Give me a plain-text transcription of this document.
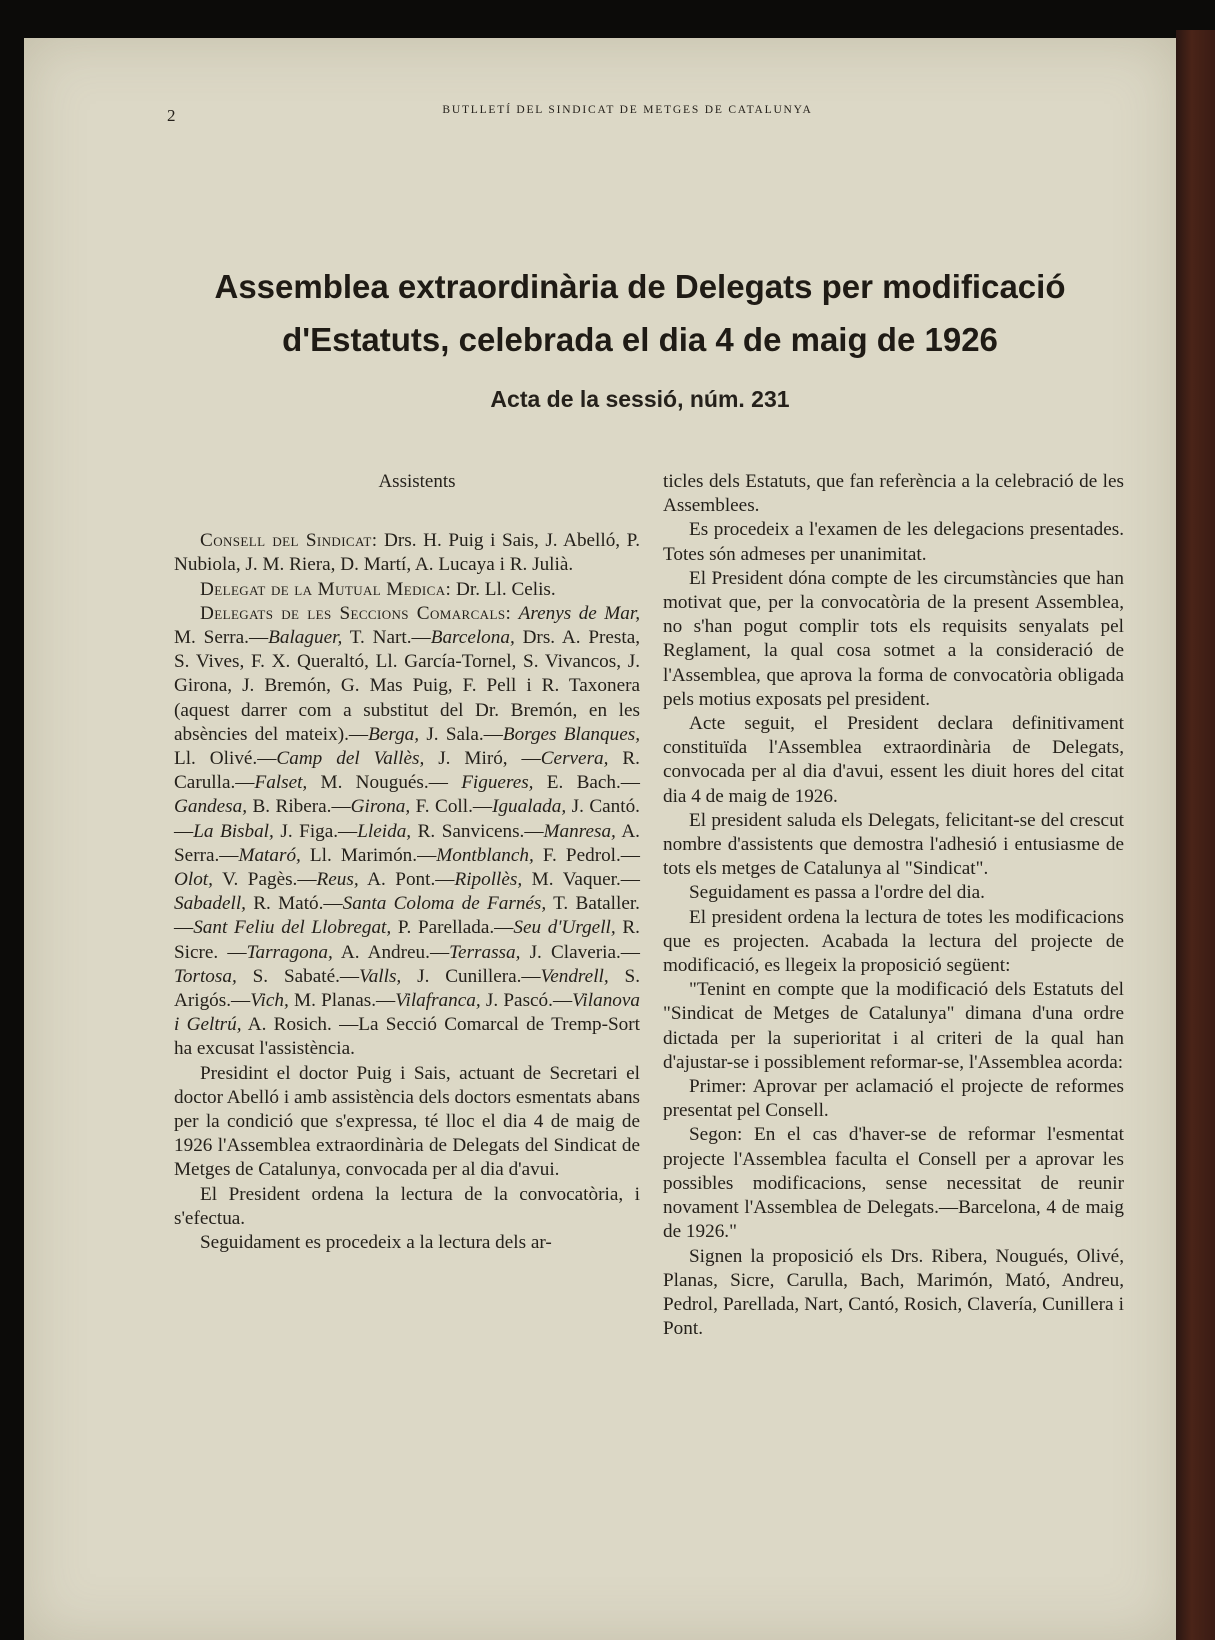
2	BUTLLETÍ DEL SINDICAT DE METGES DE CATALUNYA
Assemblea extraordinària de Delegats per modificació d'Estatuts, celebrada el dia 4 de maig de 1926
Acta de la sessió, núm. 231

Assistents

Consell del Sindicat: Drs. H. Puig i Sais, J. Abelló, P. Nubiola, J. M. Riera, D. Martí, A. Lucaya i R. Julià.

Delegat de la Mutual Medica: Dr. Ll. Celis.

Delegats de les Seccions Comarcals: Arenys de Mar, M. Serra.—Balaguer, T. Nart.—Barcelona, Drs. A. Presta, S. Vives, F. X. Queraltó, Ll. García-Tornel, S. Vivancos, J. Girona, J. Bremón, G. Mas Puig, F. Pell i R. Taxonera (aquest darrer com a substitut del Dr. Bremón, en les absències del mateix).—Berga, J. Sala.—Borges Blanques, Ll. Olivé.—Camp del Vallès, J. Miró, —Cervera, R. Carulla.—Falset, M. Nougués.— Figueres, E. Bach.—Gandesa, B. Ribera.—Girona, F. Coll.—Igualada, J. Cantó.—La Bisbal, J. Figa.—Lleida, R. Sanvicens.—Manresa, A. Serra.—Mataró, Ll. Marimón.—Montblanch, F. Pedrol.—Olot, V. Pagès.—Reus, A. Pont.—Ripollès, M. Vaquer.—Sabadell, R. Mató.—Santa Coloma de Farnés, T. Bataller.—Sant Feliu del Llobregat, P. Parellada.—Seu d'Urgell, R. Sicre. —Tarragona, A. Andreu.—Terrassa, J. Claveria.—Tortosa, S. Sabaté.—Valls, J. Cunillera.—Vendrell, S. Arigós.—Vich, M. Planas.—Vilafranca, J. Pascó.—Vilanova i Geltrú, A. Rosich. —La Secció Comarcal de Tremp-Sort ha excusat l'assistència.

Presidint el doctor Puig i Sais, actuant de Secretari el doctor Abelló i amb assistència dels doctors esmentats abans per la condició que s'expressa, té lloc el dia 4 de maig de 1926 l'Assemblea extraordinària de Delegats del Sindicat de Metges de Catalunya, convocada per al dia d'avui.

El President ordena la lectura de la convocatòria, i s'efectua.

Seguidament es procedeix a la lectura dels ar-

ticles dels Estatuts, que fan referència a la celebració de les Assemblees.

Es procedeix a l'examen de les delegacions presentades. Totes són admeses per unanimitat.

El President dóna compte de les circumstàncies que han motivat que, per la convocatòria de la present Assemblea, no s'han pogut complir tots els requisits senyalats pel Reglament, la qual cosa sotmet a la consideració de l'Assemblea, que aprova la forma de convocatòria obligada pels motius exposats pel president.

Acte seguit, el President declara definitivament constituïda l'Assemblea extraordinària de Delegats, convocada per al dia d'avui, essent les diuit hores del citat dia 4 de maig de 1926.

El president saluda els Delegats, felicitant-se del crescut nombre d'assistents que demostra l'adhesió i entusiasme de tots els metges de Catalunya al "Sindicat".

Seguidament es passa a l'ordre del dia.

El president ordena la lectura de totes les modificacions que es projecten. Acabada la lectura del projecte de modificació, es llegeix la proposició següent:

"Tenint en compte que la modificació dels Estatuts del "Sindicat de Metges de Catalunya" dimana d'una ordre dictada per la superioritat i al criteri de la qual han d'ajustar-se i possiblement reformar-se, l'Assemblea acorda:

Primer: Aprovar per aclamació el projecte de reformes presentat pel Consell.

Segon: En el cas d'haver-se de reformar l'esmentat projecte l'Assemblea faculta el Consell per a aprovar les possibles modificacions, sense necessitat de reunir novament l'Assemblea de Delegats.—Barcelona, 4 de maig de 1926."

Signen la proposició els Drs. Ribera, Nougués, Olivé, Planas, Sicre, Carulla, Bach, Marimón, Mató, Andreu, Pedrol, Parellada, Nart, Cantó, Rosich, Clavería, Cunillera i Pont.
